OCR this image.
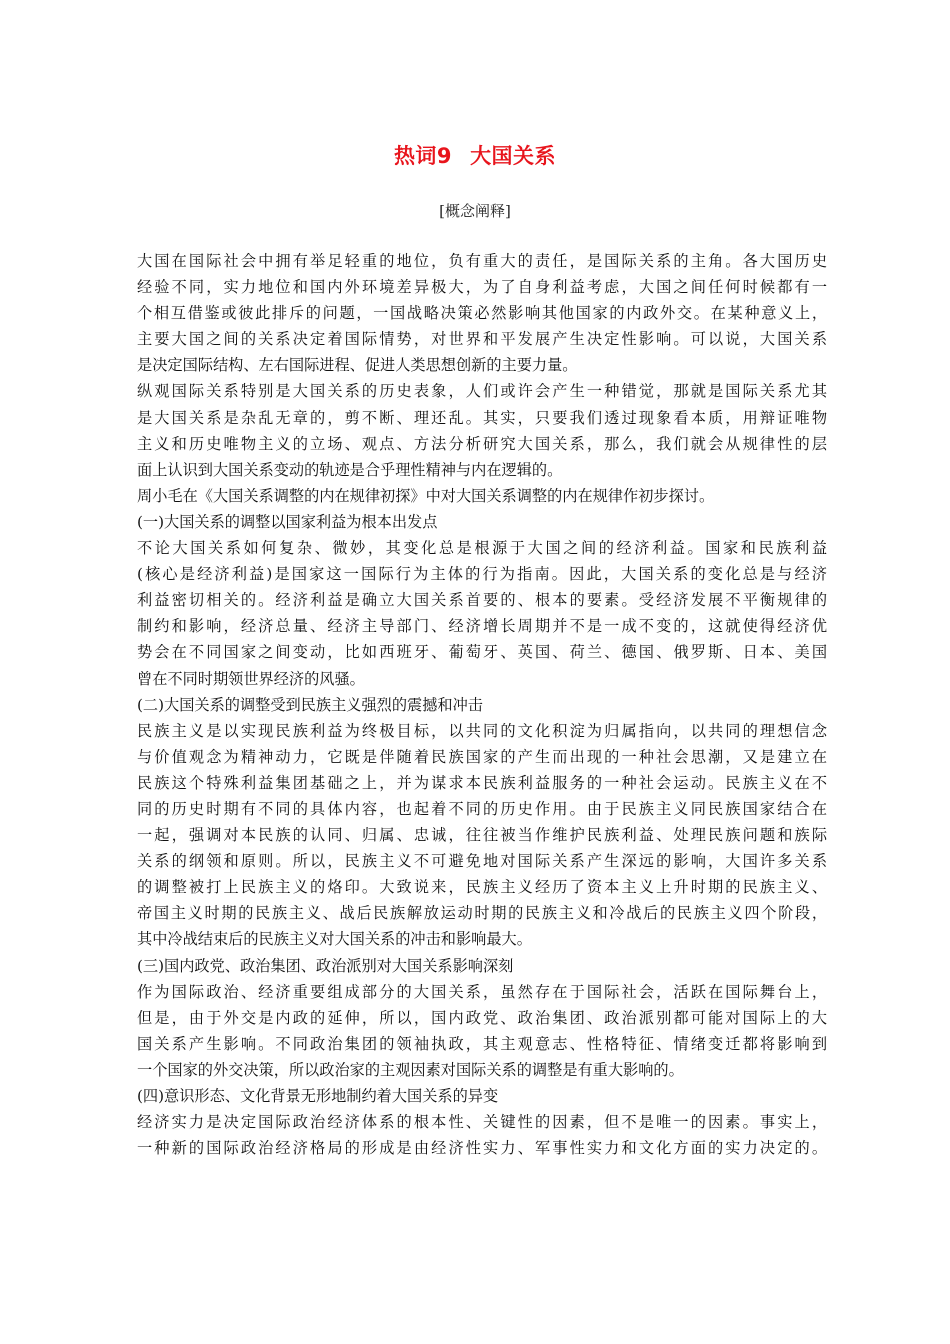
热词9 大国关系
[概念阐释]
大国在国际社会中拥有举足轻重的地位，负有重大的责任，是国际关系的主角。各大国历史
经验不同，实力地位和国内外环境差异极大，为了自身利益考虑，大国之间任何时候都有一
个相互借鉴或彼此排斥的问题，一国战略决策必然影响其他国家的内政外交。在某种意义上，
主要大国之间的关系决定着国际情势，对世界和平发展产生决定性影响。可以说，大国关系
是决定国际结构、左右国际进程、促进人类思想创新的主要力量。
纵观国际关系特别是大国关系的历史表象，人们或许会产生一种错觉，那就是国际关系尤其
是大国关系是杂乱无章的，剪不断、理还乱。其实，只要我们透过现象看本质，用辩证唯物
主义和历史唯物主义的立场、观点、方法分析研究大国关系，那么，我们就会从规律性的层
面上认识到大国关系变动的轨迹是合乎理性精神与内在逻辑的。
周小毛在《大国关系调整的内在规律初探》中对大国关系调整的内在规律作初步探讨。
(一)大国关系的调整以国家利益为根本出发点
不论大国关系如何复杂、微妙，其变化总是根源于大国之间的经济利益。国家和民族利益
(核心是经济利益)是国家这一国际行为主体的行为指南。因此，大国关系的变化总是与经济
利益密切相关的。经济利益是确立大国关系首要的、根本的要素。受经济发展不平衡规律的
制约和影响，经济总量、经济主导部门、经济增长周期并不是一成不变的，这就使得经济优
势会在不同国家之间变动，比如西班牙、葡萄牙、英国、荷兰、德国、俄罗斯、日本、美国
曾在不同时期领世界经济的风骚。
(二)大国关系的调整受到民族主义强烈的震撼和冲击
民族主义是以实现民族利益为终极目标，以共同的文化积淀为归属指向，以共同的理想信念
与价值观念为精神动力，它既是伴随着民族国家的产生而出现的一种社会思潮，又是建立在
民族这个特殊利益集团基础之上，并为谋求本民族利益服务的一种社会运动。民族主义在不
同的历史时期有不同的具体内容，也起着不同的历史作用。由于民族主义同民族国家结合在
一起，强调对本民族的认同、归属、忠诚，往往被当作维护民族利益、处理民族问题和族际
关系的纲领和原则。所以，民族主义不可避免地对国际关系产生深远的影响，大国许多关系
的调整被打上民族主义的烙印。大致说来，民族主义经历了资本主义上升时期的民族主义、
帝国主义时期的民族主义、战后民族解放运动时期的民族主义和冷战后的民族主义四个阶段，
其中冷战结束后的民族主义对大国关系的冲击和影响最大。
(三)国内政党、政治集团、政治派别对大国关系影响深刻
作为国际政治、经济重要组成部分的大国关系，虽然存在于国际社会，活跃在国际舞台上，
但是，由于外交是内政的延伸，所以，国内政党、政治集团、政治派别都可能对国际上的大
国关系产生影响。不同政治集团的领袖执政，其主观意志、性格特征、情绪变迁都将影响到
一个国家的外交决策，所以政治家的主观因素对国际关系的调整是有重大影响的。
(四)意识形态、文化背景无形地制约着大国关系的异变
经济实力是决定国际政治经济体系的根本性、关键性的因素，但不是唯一的因素。事实上，
一种新的国际政治经济格局的形成是由经济性实力、军事性实力和文化方面的实力决定的。
